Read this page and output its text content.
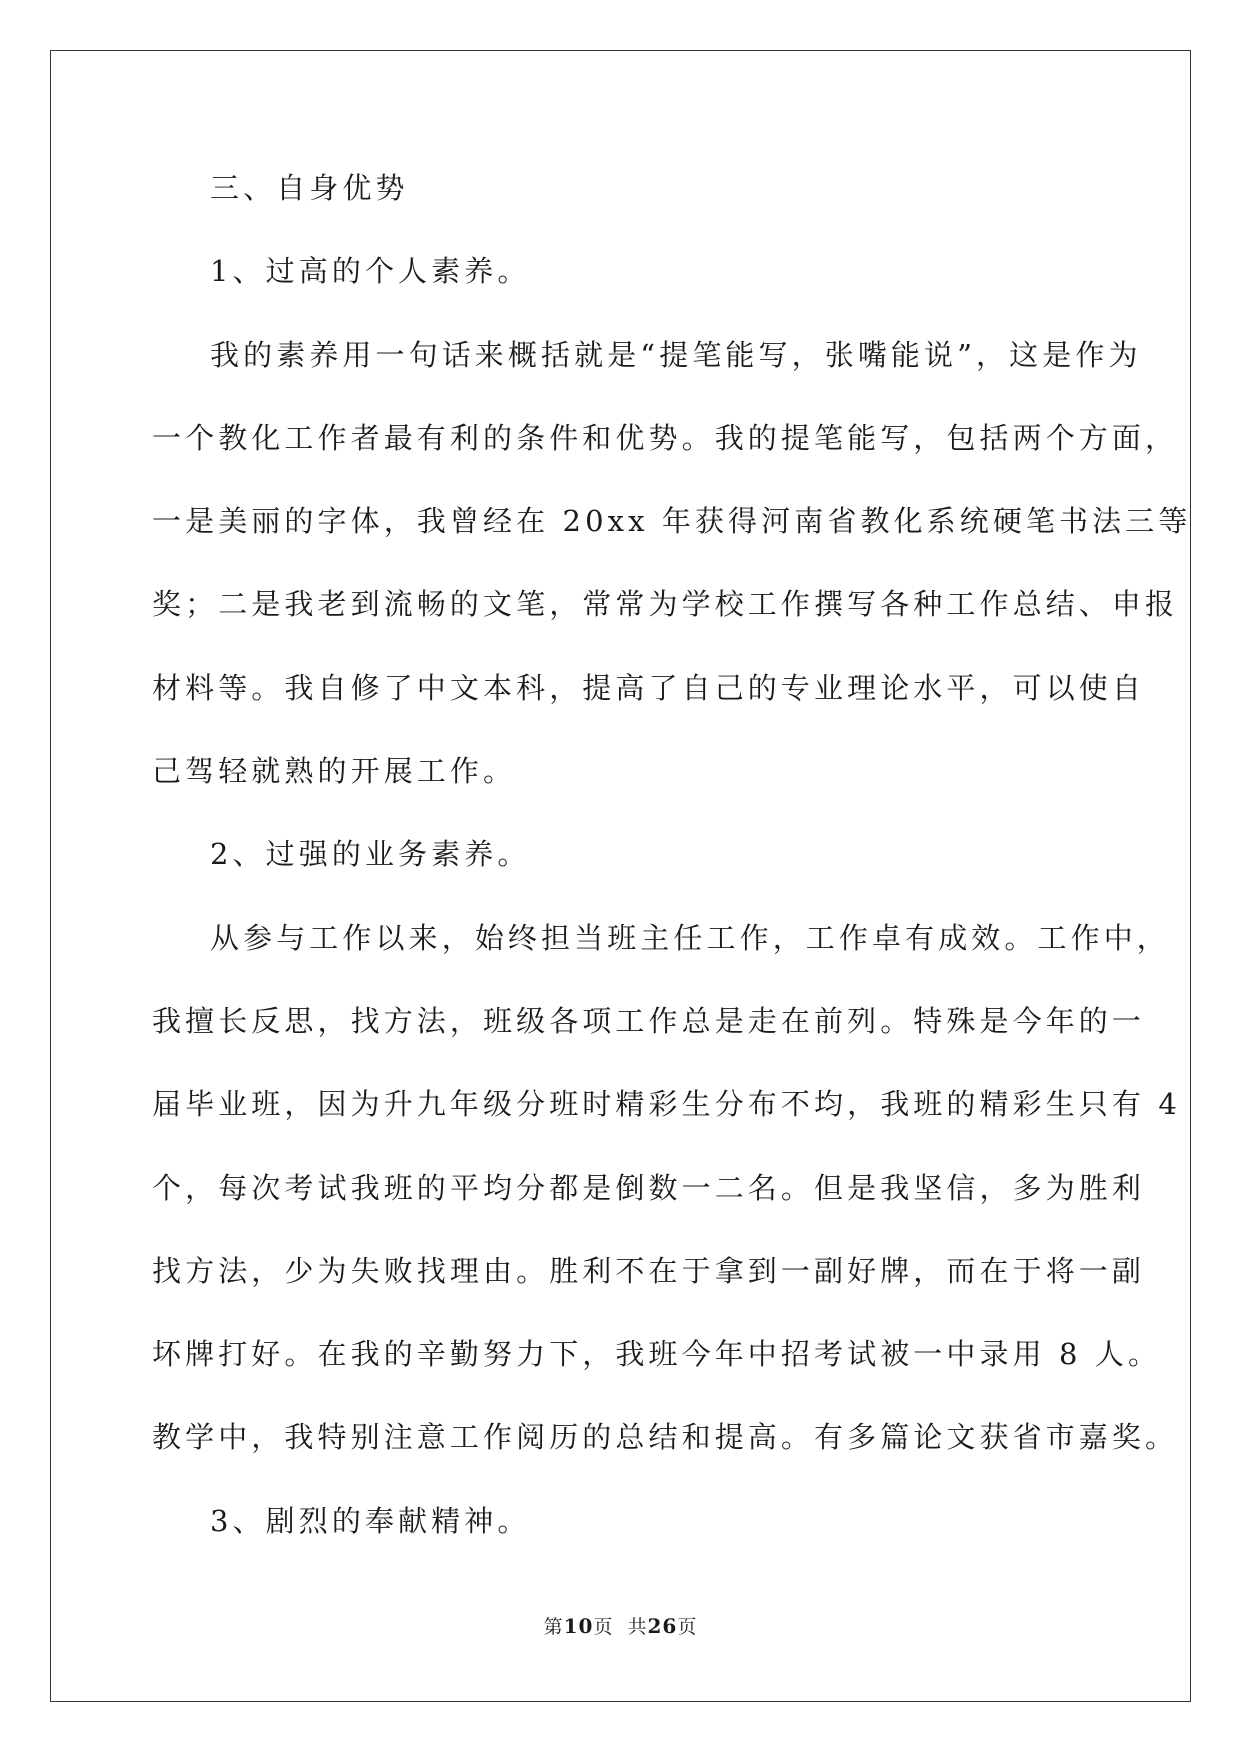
三、自身优势
1、过高的个人素养。
我的素养用一句话来概括就是“提笔能写，张嘴能说”，这是作为
一个教化工作者最有利的条件和优势。我的提笔能写，包括两个方面，
一是美丽的字体，我曾经在 20xx 年获得河南省教化系统硬笔书法三等
奖；二是我老到流畅的文笔，常常为学校工作撰写各种工作总结、申报
材料等。我自修了中文本科，提高了自己的专业理论水平，可以使自
己驾轻就熟的开展工作。
2、过强的业务素养。
从参与工作以来，始终担当班主任工作，工作卓有成效。工作中，
我擅长反思，找方法，班级各项工作总是走在前列。特殊是今年的一
届毕业班，因为升九年级分班时精彩生分布不均，我班的精彩生只有 4
个，每次考试我班的平均分都是倒数一二名。但是我坚信，多为胜利
找方法，少为失败找理由。胜利不在于拿到一副好牌，而在于将一副
坏牌打好。在我的辛勤努力下，我班今年中招考试被一中录用 8 人。
教学中，我特别注意工作阅历的总结和提高。有多篇论文获省市嘉奖。
3、剧烈的奉献精神。
第10页 共26页
